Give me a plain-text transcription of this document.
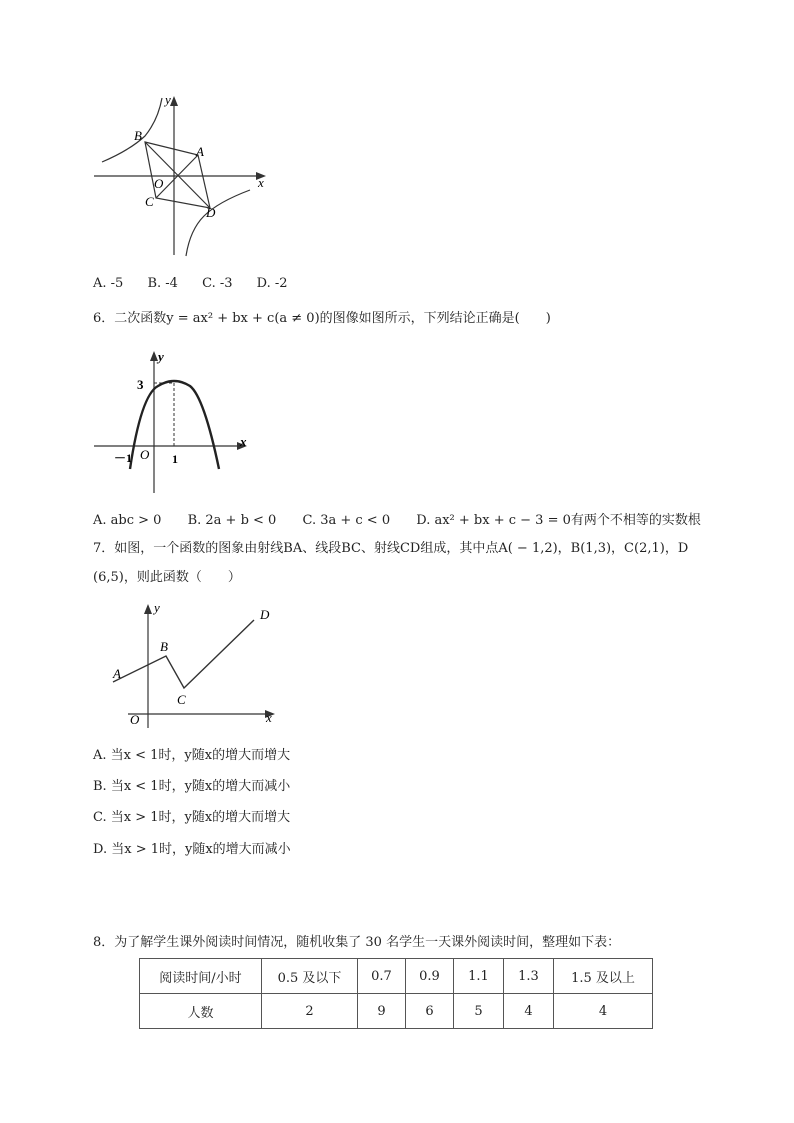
y
x
B
A
O
C
D
A. -5 B. -4 C. -3 D. -2
6．二次函数y = ax² + bx + c(a ≠ 0)的图像如图所示，下列结论正确是(　　)
y
x
3
－1 O 1
A. abc > 0 B. 2a + b < 0 C. 3a + c < 0 D. ax² + bx + c − 3 = 0有两个不相等的实数根
7．如图，一个函数的图象由射线BA、线段BC、射线CD组成，其中点A( − 1,2)，B(1,3)，C(2,1)，D
(6,5)，则此函数（　　）
y
x
O
A
B
C
D
A. 当x < 1时，y随x的增大而增大
B. 当x < 1时，y随x的增大而减小
C. 当x > 1时，y随x的增大而增大
D. 当x > 1时，y随x的增大而减小
8．为了解学生课外阅读时间情况，随机收集了 30 名学生一天课外阅读时间，整理如下表：
阅读时间/小时	0.5 及以下	0.7	0.9	1.1	1.3	1.5 及以上
人数	2	9	6	5	4	4
